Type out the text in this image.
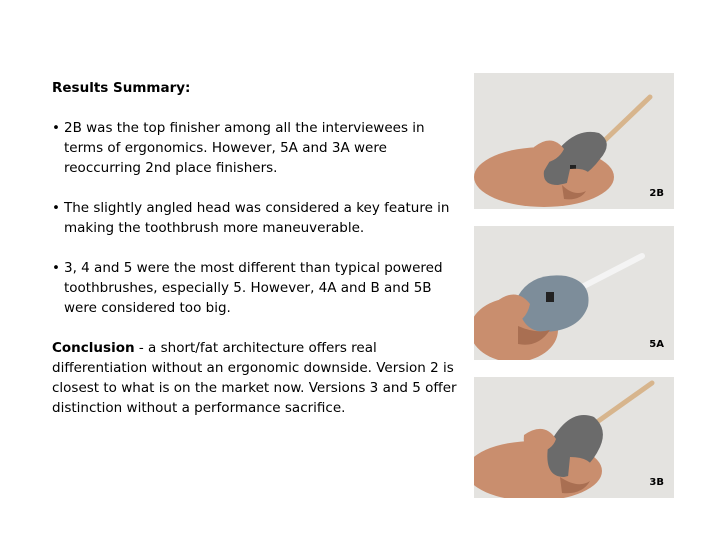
Results Summary:

• 2B was the top finisher among all the interviewees in terms of ergonomics. However, 5A and 3A were reoccurring 2nd place finishers.
• The slightly angled head was considered a key feature in making the toothbrush more maneuverable.
• 3, 4 and 5 were the most different than typical powered toothbrushes, especially 5. However, 4A and B and 5B were considered too big.

Conclusion - a short/fat architecture offers real differentiation without an ergonomic downside. Version 2 is closest to what is on the market now. Versions 3 and 5 offer distinction without a performance sacrifice.

2B
5A
3B
